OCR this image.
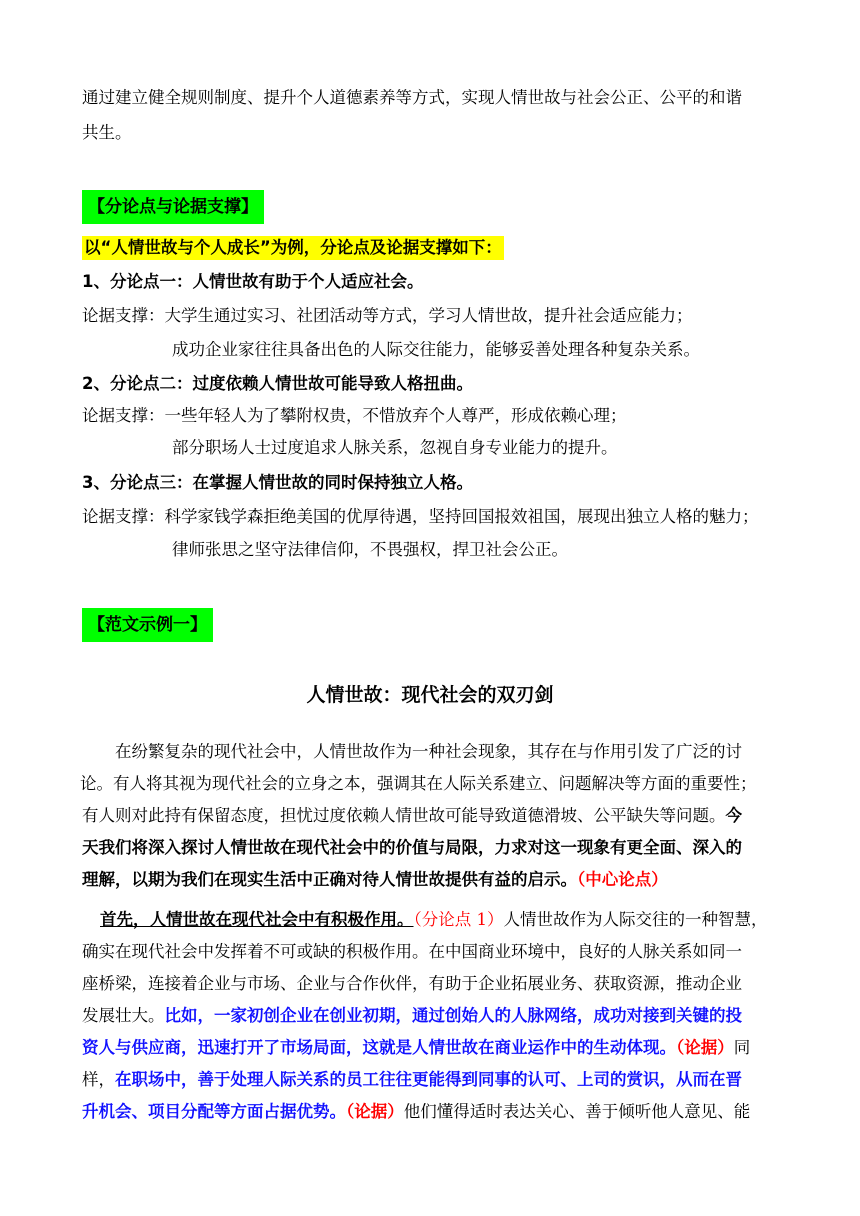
通过建立健全规则制度、提升个人道德素养等方式，实现人情世故与社会公正、公平的和谐
共生。
【分论点与论据支撑】
以“人情世故与个人成长”为例，分论点及论据支撑如下：
1、分论点一：人情世故有助于个人适应社会。
论据支撑：大学生通过实习、社团活动等方式，学习人情世故，提升社会适应能力；
成功企业家往往具备出色的人际交往能力，能够妥善处理各种复杂关系。
2、分论点二：过度依赖人情世故可能导致人格扭曲。
论据支撑：一些年轻人为了攀附权贵，不惜放弃个人尊严，形成依赖心理；
部分职场人士过度追求人脉关系，忽视自身专业能力的提升。
3、分论点三：在掌握人情世故的同时保持独立人格。
论据支撑：科学家钱学森拒绝美国的优厚待遇，坚持回国报效祖国，展现出独立人格的魅力；
律师张思之坚守法律信仰，不畏强权，捍卫社会公正。
【范文示例一】
人情世故：现代社会的双刃剑
在纷繁复杂的现代社会中，人情世故作为一种社会现象，其存在与作用引发了广泛的讨
论。有人将其视为现代社会的立身之本，强调其在人际关系建立、问题解决等方面的重要性；
有人则对此持有保留态度，担忧过度依赖人情世故可能导致道德滑坡、公平缺失等问题。今
天我们将深入探讨人情世故在现代社会中的价值与局限，力求对这一现象有更全面、深入的
理解，以期为我们在现实生活中正确对待人情世故提供有益的启示。（中心论点）
首先，人情世故在现代社会中有积极作用。（分论点 1）人情世故作为人际交往的一种智慧，
确实在现代社会中发挥着不可或缺的积极作用。在中国商业环境中，良好的人脉关系如同一
座桥梁，连接着企业与市场、企业与合作伙伴，有助于企业拓展业务、获取资源，推动企业
发展壮大。比如，一家初创企业在创业初期，通过创始人的人脉网络，成功对接到关键的投
资人与供应商，迅速打开了市场局面，这就是人情世故在商业运作中的生动体现。（论据）同
样，在职场中，善于处理人际关系的员工往往更能得到同事的认可、上司的赏识，从而在晋
升机会、项目分配等方面占据优势。（论据）他们懂得适时表达关心、善于倾听他人意见、能
